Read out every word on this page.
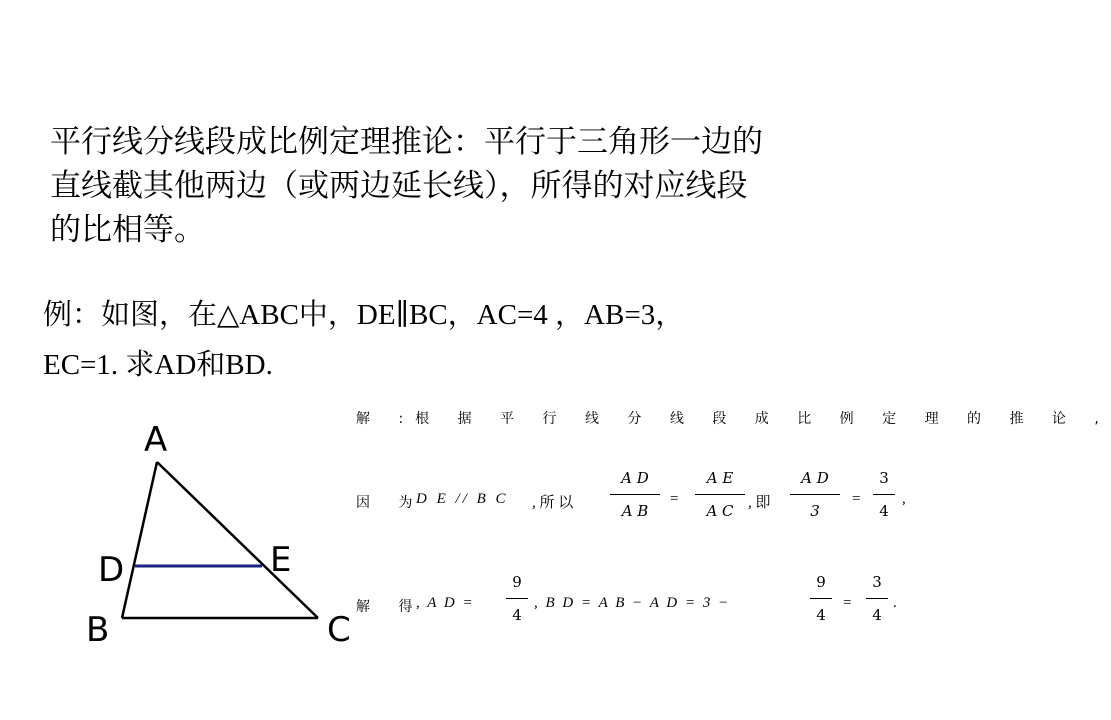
平行线分线段成比例定理推论：平行于三角形一边的
直线截其他两边（或两边延长线），所得的对应线段
的比相等。
例：如图，在△ABC中，DE∥BC，AC=4 ，AB=3，
EC=1. 求AD和BD.
A
D	E
B	C
解 :根 据 平 行 线 分 线 段 成 比 例 定 理 的 推 论 ,
因 为
D E // B C , 所 以
A D
A B
=
A E
A C , 即
A D
3
=
3
4
,
解 得
, A D =
9
4
, B D = A B − A D = 3 −
9
4
=
3
4
.
